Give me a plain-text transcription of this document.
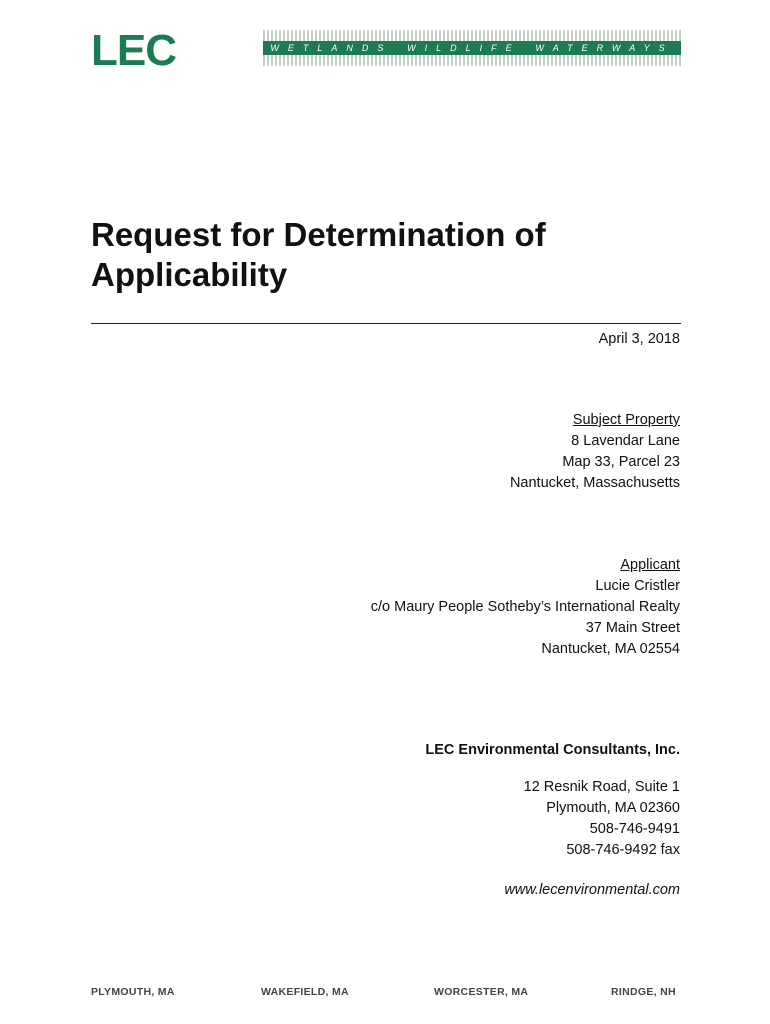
LEC	WETLANDS WILDLIFE WATERWAYS
Request for Determination of Applicability
April 3, 2018
Subject Property
8 Lavendar Lane
Map 33, Parcel 23
Nantucket, Massachusetts
Applicant
Lucie Cristler
c/o Maury People Sotheby’s International Realty
37 Main Street
Nantucket, MA 02554
LEC Environmental Consultants, Inc.
12 Resnik Road, Suite 1
Plymouth, MA 02360
508-746-9491
508-746-9492 fax
www.lecenvironmental.com
PLYMOUTH, MA	WAKEFIELD, MA	WORCESTER, MA	RINDGE, NH
